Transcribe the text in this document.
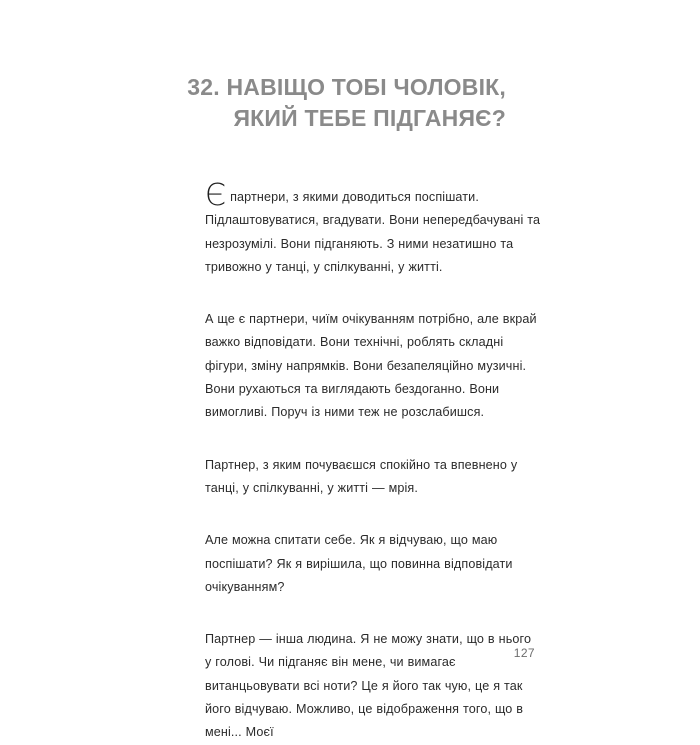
32. НАВІЩО ТОБІ ЧОЛОВІК,
ЯКИЙ ТЕБЕ ПІДГАНЯЄ?

Є партнери, з якими доводиться поспішати. Підлаштовуватися, вгадувати. Вони непередбачувані та незрозумілі. Вони підганяють. З ними незатишно та тривожно у танці, у спілкуванні, у житті.

А ще є партнери, чиїм очікуванням потрібно, але вкрай важко відповідати. Вони технічні, роблять складні фігури, зміну напрямків. Вони безапеляційно музичні. Вони рухаються та виглядають бездоганно. Вони вимогливі. Поруч із ними теж не розслабишся.

Партнер, з яким почуваєшся спокійно та впевнено у танці, у спілкуванні, у житті — мрія.

Але можна спитати себе. Як я відчуваю, що маю поспішати? Як я вирішила, що повинна відповідати очікуванням?

Партнер — інша людина. Я не можу знати, що в нього у голові. Чи підганяє він мене, чи вимагає витанцьовувати всі ноти? Це я його так чую, це я так його відчуваю. Можливо, це відображення того, що в мені... Моєї

127
